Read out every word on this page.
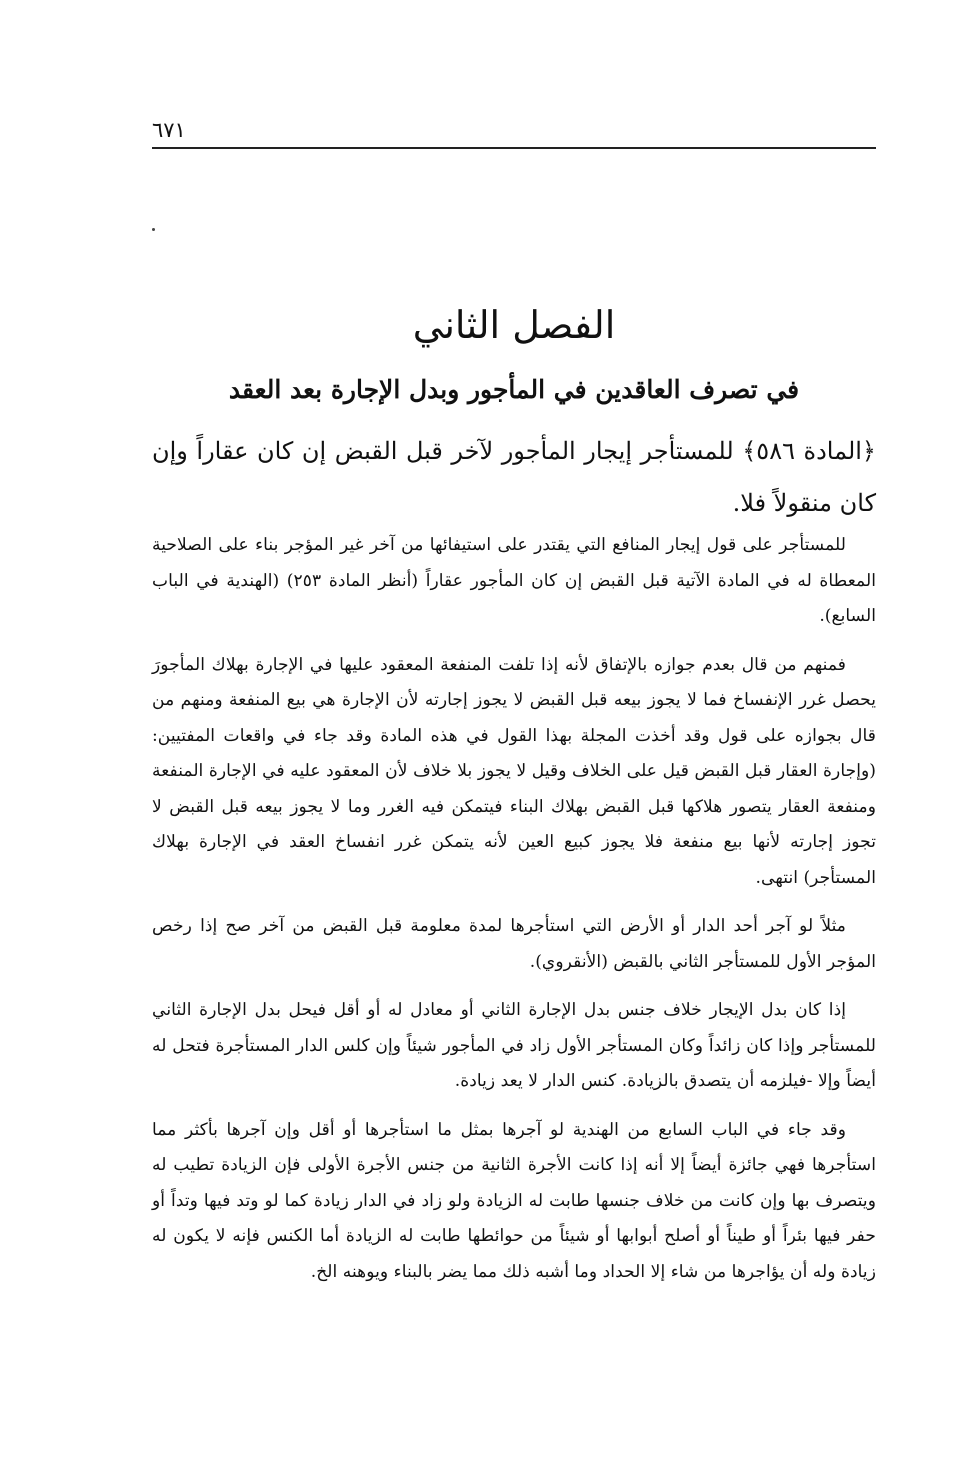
٦٧١
الفصل الثاني
في تصرف العاقدين في المأجور وبدل الإجارة بعد العقد
﴿المادة ٥٨٦﴾ للمستأجر إيجار المأجور لآخر قبل القبض إن كان عقاراً وإن كان منقولاً فلا.

للمستأجر على قول إيجار المنافع التي يقتدر على استيفائها من آخر غير المؤجر بناء على الصلاحية المعطاة له في المادة الآتية قبل القبض إن كان المأجور عقاراً (أنظر المادة ٢٥٣) (الهندية في الباب السابع).

فمنهم من قال بعدم جوازه بالإتفاق لأنه إذا تلفت المنفعة المعقود عليها في الإجارة بهلاك المأجورَ يحصل غرر الإنفساخ فما لا يجوز بيعه قبل القبض لا يجوز إجارته لأن الإجارة هي بيع المنفعة ومنهم من قال بجوازه على قول وقد أخذت المجلة بهذا القول في هذه المادة وقد جاء في واقعات المفتيين: (وإجارة العقار قبل القبض قيل على الخلاف وقيل لا يجوز بلا خلاف لأن المعقود عليه في الإجارة المنفعة ومنفعة العقار يتصور هلاكها قبل القبض بهلاك البناء فيتمكن فيه الغرر وما لا يجوز بيعه قبل القبض لا تجوز إجارته لأنها بيع منفعة فلا يجوز كبيع العين لأنه يتمكن غرر انفساخ العقد في الإجارة بهلاك المستأجر) انتهى.

مثلاً لو آجر أحد الدار أو الأرض التي استأجرها لمدة معلومة قبل القبض من آخر صح إذا رخص المؤجر الأول للمستأجر الثاني بالقبض (الأنقروي).

إذا كان بدل الإيجار خلاف جنس بدل الإجارة الثاني أو معادل له أو أقل فيحل بدل الإجارة الثاني للمستأجر وإذا كان زائداً وكان المستأجر الأول زاد في المأجور شيئاً وإن كلس الدار المستأجرة فتحل له أيضاً وإلا ‐فيلزمه أن يتصدق بالزيادة. كنس الدار لا يعد زيادة.

وقد جاء في الباب السابع من الهندية لو آجرها بمثل ما استأجرها أو أقل وإن آجرها بأكثر مما استأجرها فهي جائزة أيضاً إلا أنه إذا كانت الأجرة الثانية من جنس الأجرة الأولى فإن الزيادة تطيب له ويتصرف بها وإن كانت من خلاف جنسها طابت له الزيادة ولو زاد في الدار زيادة كما لو وتد فيها وتداً أو حفر فيها بئراً أو طيناً أو أصلح أبوابها أو شيئاً من حوائطها طابت له الزيادة أما الكنس فإنه لا يكون له زيادة وله أن يؤاجرها من شاء إلا الحداد وما أشبه ذلك مما يضر بالبناء ويوهنه الخ.
